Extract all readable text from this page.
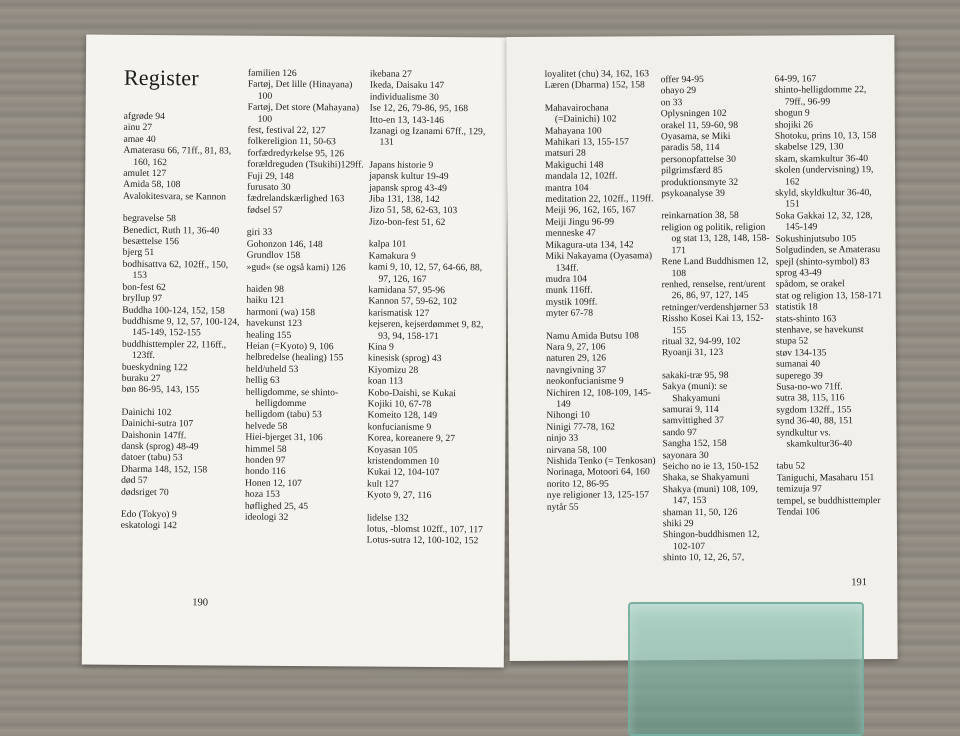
Register
afgrøde 94
ainu 27
amae 40
Amaterasu 66, 71ff., 81, 83, 160, 162
amulet 127
Amida 58, 108
Avalokitesvara, se Kannon
begravelse 58
Benedict, Ruth 11, 36-40
besættelse 156
bjerg 51
bodhisattva 62, 102ff., 150, 153
bon-fest 62
bryllup 97
Buddha 100-124, 152, 158
buddhisme 9, 12, 57, 100-124, 145-149, 152-155
buddhisttempler 22, 116ff., 123ff.
bueskydning 122
buraku 27
bøn 86-95, 143, 155
Dainichi 102
Dainichi-sutra 107
Daishonin 147ff.
dansk (sprog) 48-49
datoer (tabu) 53
Dharma 148, 152, 158
død 57
dødsriget 70
Edo (Tokyo) 9
eskatologi 142
familien 126
Fartøj, Det lille (Hinayana) 100
Fartøj, Det store (Mahayana) 100
fest, festival 22, 127
folkereligion 11, 50-63
forfædredyrkelse 95, 126
forældreguden (Tsukihi)129ff.
Fuji 29, 148
furusato 30
fædrelandskærlighed 163
fødsel 57
giri 33
Gohonzon 146, 148
Grundlov 158
»gud« (se også kami) 126
haiden 98
haiku 121
harmoni (wa) 158
havekunst 123
healing 155
Heian (=Kyoto) 9, 106
helbredelse (healing) 155
held/uheld 53
hellig 63
helligdomme, se shinto-helligdomme
helligdom (tabu) 53
helvede 58
Hiei-bjerget 31, 106
himmel 58
honden 97
hondo 116
Honen 12, 107
hoza 153
høflighed 25, 45
ideologi 32
ikebana 27
Ikeda, Daisaku 147
individualisme 30
Ise 12, 26, 79-86, 95, 168
Itto-en 13, 143-146
Izanagi og Izanami 67ff., 129, 131
Japans historie 9
japansk kultur 19-49
japansk sprog 43-49
Jiba 131, 138, 142
Jizo 51, 58, 62-63, 103
Jizo-bon-fest 51, 62
kalpa 101
Kamakura 9
kami 9, 10, 12, 57, 64-66, 88, 97, 126, 167
kamidana 57, 95-96
Kannon 57, 59-62, 102
karismatisk 127
kejseren, kejserdømmet 9, 82, 93, 94, 158-171
Kina 9
kinesisk (sprog) 43
Kiyomizu 28
koan 113
Kobo-Daishi, se Kukai
Kojiki 10, 67-78
Komeito 128, 149
konfucianisme 9
Korea, koreanere 9, 27
Koyasan 105
kristendommen 10
Kukai 12, 104-107
kult 127
Kyoto 9, 27, 116
lidelse 132
lotus, -blomst 102ff., 107, 117
Lotus-sutra 12, 100-102, 152
190
loyalitet (chu) 34, 162, 163
Læren (Dharma) 152, 158
Mahavairochana (=Dainichi) 102
Mahayana 100
Mahikari 13, 155-157
matsuri 28
Makiguchi 148
mandala 12, 102ff.
mantra 104
meditation 22, 102ff., 119ff.
Meiji 96, 162, 165, 167
Meiji Jingu 96-99
menneske 47
Mikagura-uta 134, 142
Miki Nakayama (Oyasama) 134ff.
mudra 104
munk 116ff.
mystik 109ff.
myter 67-78
Namu Amida Butsu 108
Nara 9, 27, 106
naturen 29, 126
navngivning 37
neokonfucianisme 9
Nichiren 12, 108-109, 145-149
Nihongi 10
Ninigi 77-78, 162
ninjo 33
nirvana 58, 100
Nishida Tenko (= Tenkosan)
Norinaga, Motoori 64, 160
norito 12, 86-95
nye religioner 13, 125-157
nytår 55
offer 94-95
ohayo 29
on 33
Oplysningen 102
orakel 11, 59-60, 98
Oyasama, se Miki
paradis 58, 114
personopfattelse 30
pilgrimsfærd 85
produktionsmyte 32
psykoanalyse 39
reinkarnation 38, 58
religion og politik, religion og stat 13, 128, 148, 158-171
Rene Land Buddhismen 12, 108
renhed, renselse, rent/urent 26, 86, 97, 127, 145
retninger/verdenshjørner 53
Rissho Kosei Kai 13, 152-155
ritual 32, 94-99, 102
Ryoanji 31, 123
sakaki-træ 95, 98
Sakya (muni): se Shakyamuni
samurai 9, 114
samvittighed 37
sando 97
Sangha 152, 158
sayonara 30
Seicho no ie 13, 150-152
Shaka, se Shakyamuni
Shakya (muni) 108, 109, 147, 153
shaman 11, 50, 126
shiki 29
Shingon-buddhismen 12, 102-107
shinto 10, 12, 26, 57,
64-99, 167
shinto-helligdomme 22, 79ff., 96-99
shogun 9
shojiki 26
Shotoku, prins 10, 13, 158
skabelse 129, 130
skam, skamkultur 36-40
skolen (undervisning) 19, 162
skyld, skyldkultur 36-40, 151
Soka Gakkai 12, 32, 128, 145-149
Sokushinjutsubo 105
Solgudinden, se Amaterasu
spejl (shinto-symbol) 83
sprog 43-49
spådom, se orakel
stat og religion 13, 158-171
statistik 18
stats-shinto 163
stenhave, se havekunst
stupa 52
støv 134-135
sumanai 40
superego 39
Susa-no-wo 71ff.
sutra 38, 115, 116
sygdom 132ff., 155
synd 36-40, 88, 151
syndkultur vs. skamkultur36-40
tabu 52
Taniguchi, Masaharu 151
temizuja 97
tempel, se buddhisttempler
Tendai 106
191
